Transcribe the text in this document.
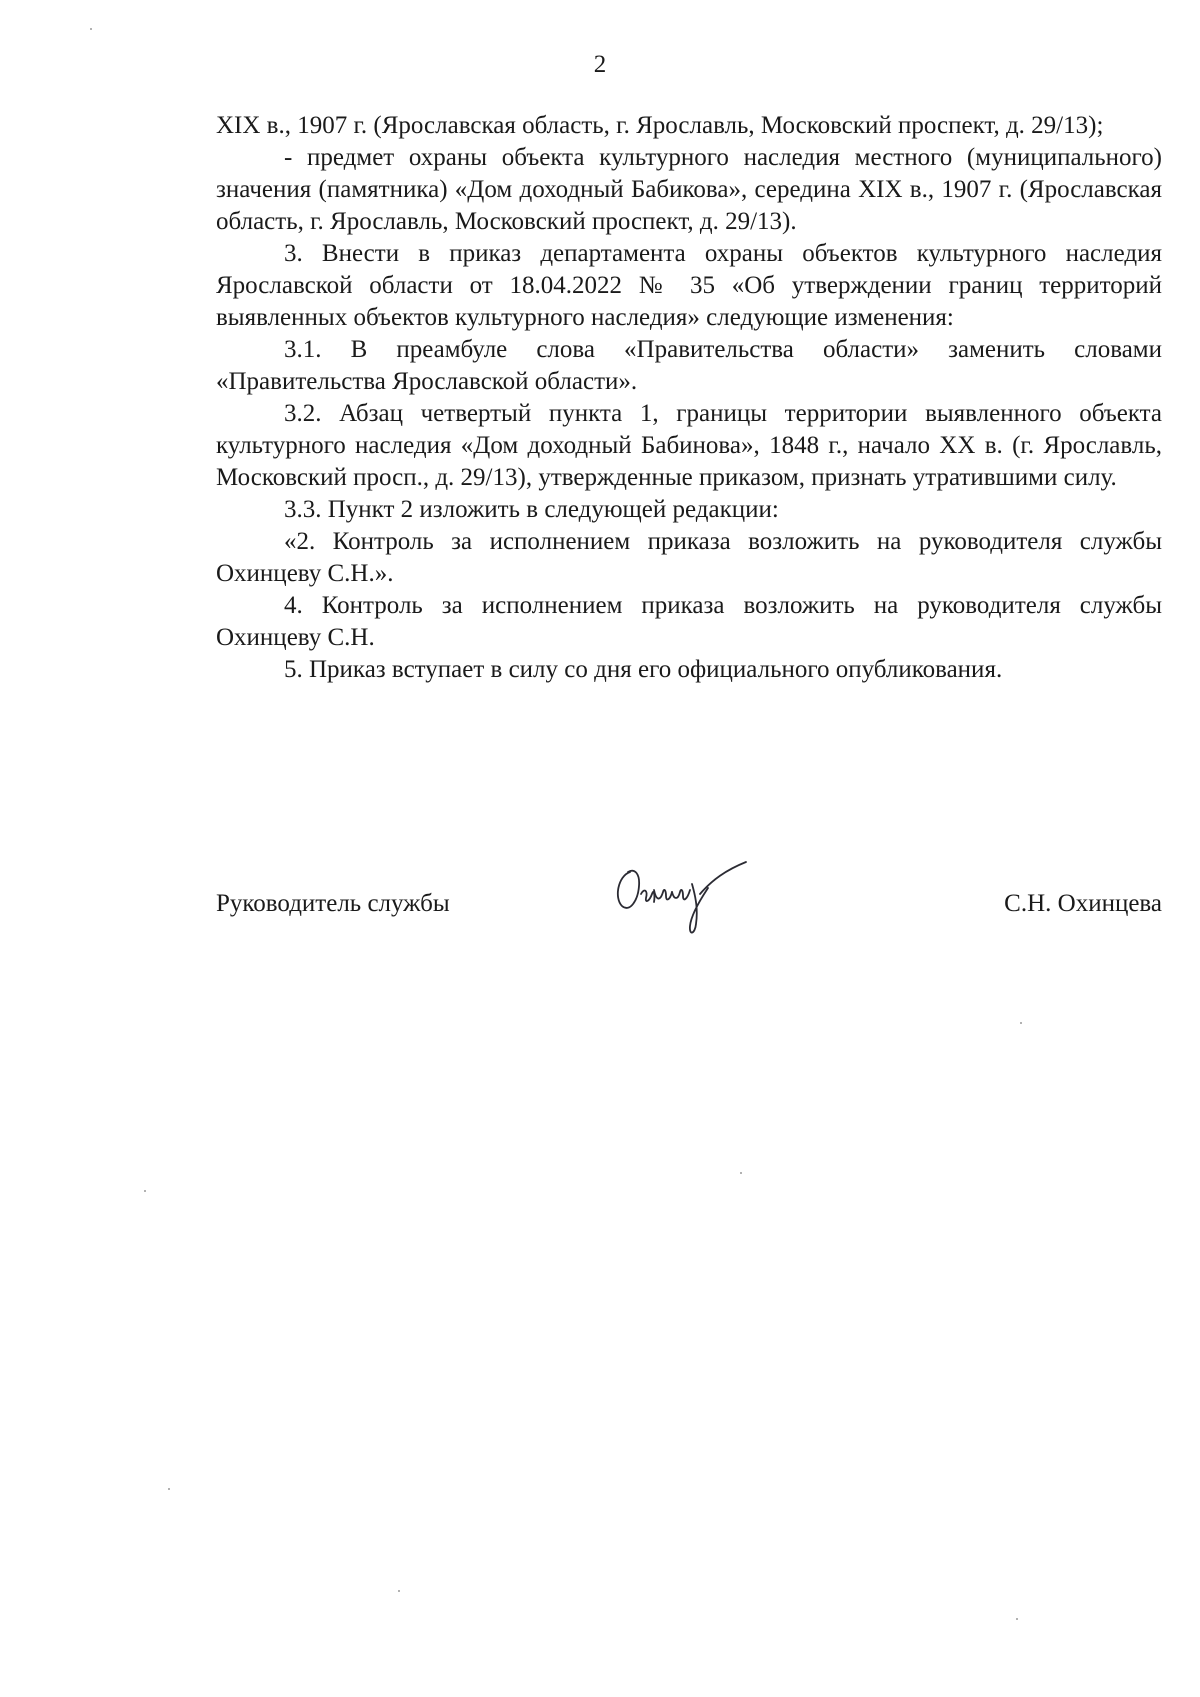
2

XIX в., 1907 г. (Ярославская область, г. Ярославль, Московский проспект, д. 29/13);

- предмет охраны объекта культурного наследия местного (муниципального) значения (памятника) «Дом доходный Бабикова», середина XIX в., 1907 г. (Ярославская область, г. Ярославль, Московский проспект, д. 29/13).

3. Внести в приказ департамента охраны объектов культурного наследия Ярославской области от 18.04.2022 № 35 «Об утверждении границ территорий выявленных объектов культурного наследия» следующие изменения:

3.1. В преамбуле слова «Правительства области» заменить словами «Правительства Ярославской области».

3.2. Абзац четвертый пункта 1, границы территории выявленного объекта культурного наследия «Дом доходный Бабинова», 1848 г., начало XX в. (г. Ярославль, Московский просп., д. 29/13), утвержденные приказом, признать утратившими силу.

3.3. Пункт 2 изложить в следующей редакции:

«2. Контроль за исполнением приказа возложить на руководителя службы Охинцеву С.Н.».

4. Контроль за исполнением приказа возложить на руководителя службы Охинцеву С.Н.

5. Приказ вступает в силу со дня его официального опубликования.

Руководитель службы	С.Н. Охинцева
